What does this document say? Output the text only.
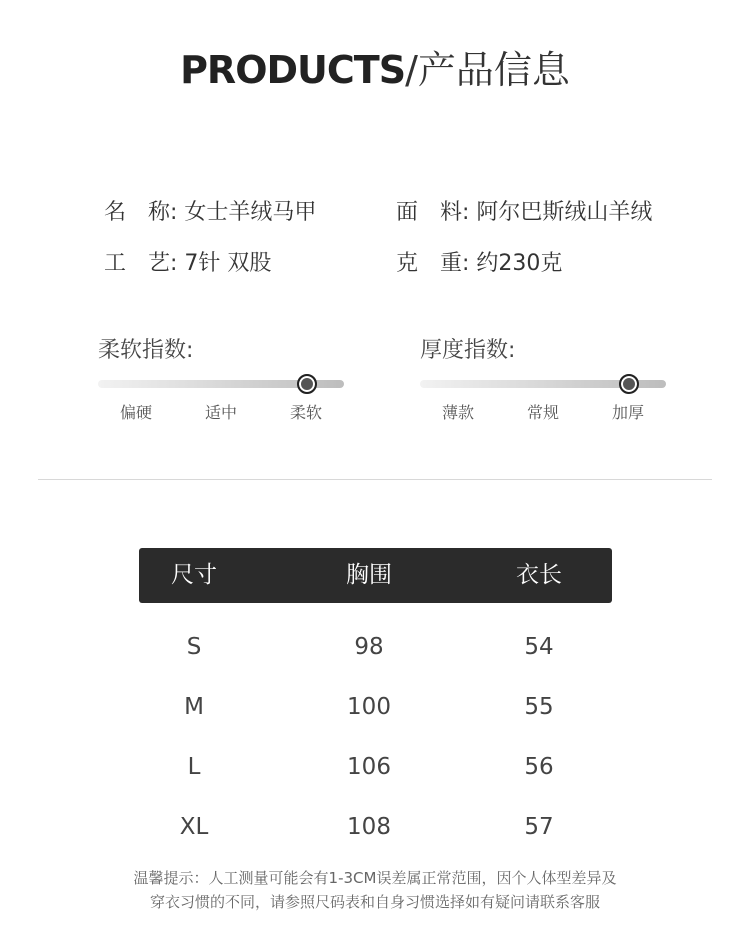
PRODUCTS/产品信息
名　称: 女士羊绒马甲	面　料: 阿尔巴斯绒山羊绒
工　艺: 7针 双股	克　重: 约230克
柔软指数:
偏硬	适中	柔软
厚度指数:
薄款	常规	加厚
尺寸	胸围	衣长
S	98	54
M	100	55
L	106	56
XL	108	57
温馨提示：人工测量可能会有1-3CM误差属正常范围，因个人体型差异及
穿衣习惯的不同，请参照尺码表和自身习惯选择如有疑问请联系客服
